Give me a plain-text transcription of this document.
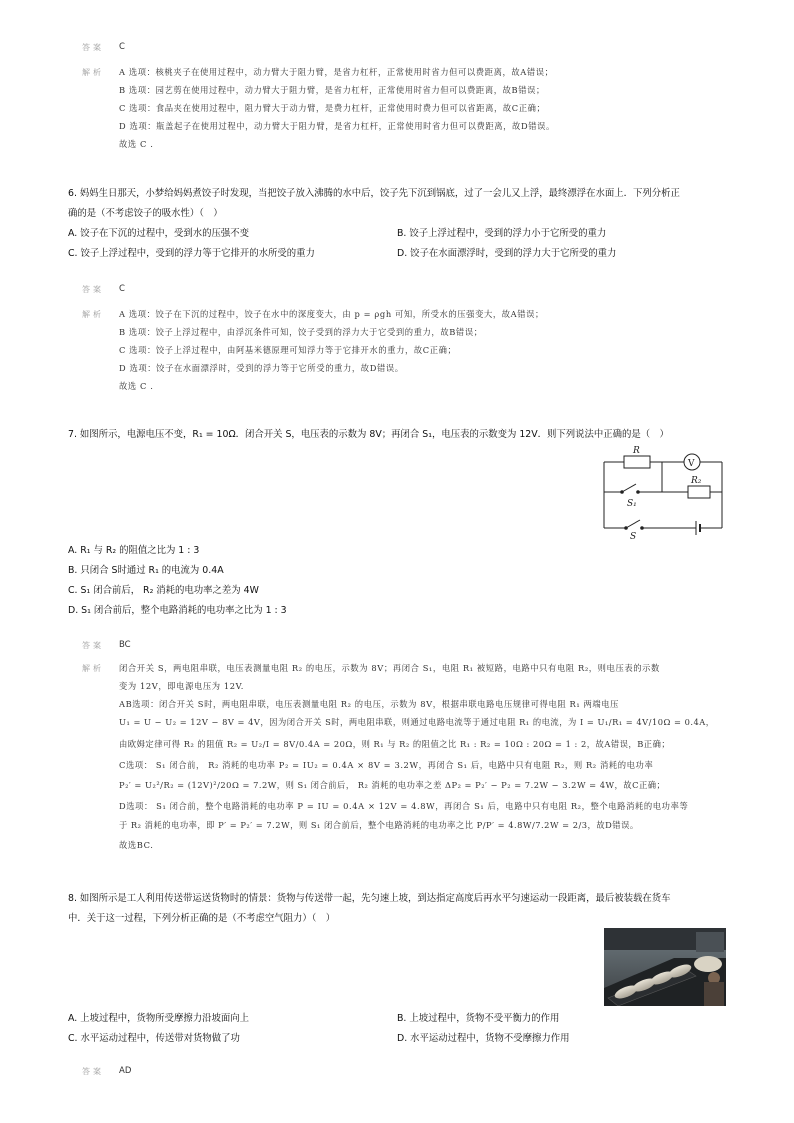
答案 C
解析 A 选项：核桃夹子在使用过程中，动力臂大于阻力臂，是省力杠杆，正常使用时省力但可以费距离，故A错误；
B 选项：园艺剪在使用过程中，动力臂大于阻力臂，是省力杠杆，正常使用时省力但可以费距离，故B错误；
C 选项：食品夹在使用过程中，阻力臂大于动力臂，是费力杠杆，正常使用时费力但可以省距离，故C正确；
D 选项：瓶盖起子在使用过程中，动力臂大于阻力臂，是省力杠杆，正常使用时省力但可以费距离，故D错误。
故选 C .
6. 妈妈生日那天，小梦给妈妈煮饺子时发现，当把饺子放入沸腾的水中后，饺子先下沉到锅底，过了一会儿又上浮，最终漂浮在水面上．下列分析正
确的是（不考虑饺子的吸水性）（　）
A. 饺子在下沉的过程中，受到水的压强不变	B. 饺子上浮过程中，受到的浮力小于它所受的重力
C. 饺子上浮过程中，受到的浮力等于它排开的水所受的重力	D. 饺子在水面漂浮时，受到的浮力大于它所受的重力
答案 C
解析 A 选项：饺子在下沉的过程中，饺子在水中的深度变大，由 p = ρgh 可知，所受水的压强变大，故A错误；
B 选项：饺子上浮过程中，由浮沉条件可知，饺子受到的浮力大于它受到的重力，故B错误；
C 选项：饺子上浮过程中，由阿基米德原理可知浮力等于它排开水的重力，故C正确；
D 选项：饺子在水面漂浮时，受到的浮力等于它所受的重力，故D错误。
故选 C .
7. 如图所示，电源电压不变，R₁ = 10Ω．闭合开关 S，电压表的示数为 8V；再闭合 S₁，电压表的示数变为 12V．则下列说法中正确的是（　）
R
V
R₂
S₁
S
A. R₁ 与 R₂ 的阻值之比为 1 : 3
B. 只闭合 S时通过 R₁ 的电流为 0.4A
C. S₁ 闭合前后， R₂ 消耗的电功率之差为 4W
D. S₁ 闭合前后，整个电路消耗的电功率之比为 1 : 3
答案 BC
解析 闭合开关 S，两电阻串联，电压表测量电阻 R₂ 的电压，示数为 8V；再闭合 S₁，电阻 R₁ 被短路，电路中只有电阻 R₂，则电压表的示数
变为 12V，即电源电压为 12V.
AB选项：闭合开关 S时，两电阻串联，电压表测量电阻 R₂ 的电压，示数为 8V，根据串联电路电压规律可得电阻 R₁ 两端电压
U₁ = U − U₂ = 12V − 8V = 4V，因为闭合开关 S时，两电阻串联，则通过电路电流等于通过电阻 R₁ 的电流，为 I = U₁/R₁ = 4V/10Ω = 0.4A，
由欧姆定律可得 R₂ 的阻值 R₂ = U₂/I = 8V/0.4A = 20Ω，则 R₁ 与 R₂ 的阻值之比 R₁ : R₂ = 10Ω : 20Ω = 1 : 2，故A错误，B正确；
C选项： S₁ 闭合前， R₂ 消耗的电功率 P₂ = IU₂ = 0.4A × 8V = 3.2W，再闭合 S₁ 后，电路中只有电阻 R₂，则 R₂ 消耗的电功率
P₂′ = U₂²/R₂ = (12V)²/20Ω = 7.2W，则 S₁ 闭合前后， R₂ 消耗的电功率之差 ΔP₂ = P₂′ − P₂ = 7.2W − 3.2W = 4W，故C正确；
D选项： S₁ 闭合前，整个电路消耗的电功率 P = IU = 0.4A × 12V = 4.8W，再闭合 S₁ 后，电路中只有电阻 R₂，整个电路消耗的电功率等
于 R₂ 消耗的电功率，即 P′ = P₂′ = 7.2W，则 S₁ 闭合前后，整个电路消耗的电功率之比 P/P′ = 4.8W/7.2W = 2/3，故D错误。
故选BC.
8. 如图所示是工人利用传送带运送货物时的情景：货物与传送带一起，先匀速上坡，到达指定高度后再水平匀速运动一段距离，最后被装载在货车
中．关于这一过程，下列分析正确的是（不考虑空气阻力）（　）
A. 上坡过程中，货物所受摩擦力沿坡面向上	B. 上坡过程中，货物不受平衡力的作用
C. 水平运动过程中，传送带对货物做了功	D. 水平运动过程中，货物不受摩擦力作用
答案 AD
